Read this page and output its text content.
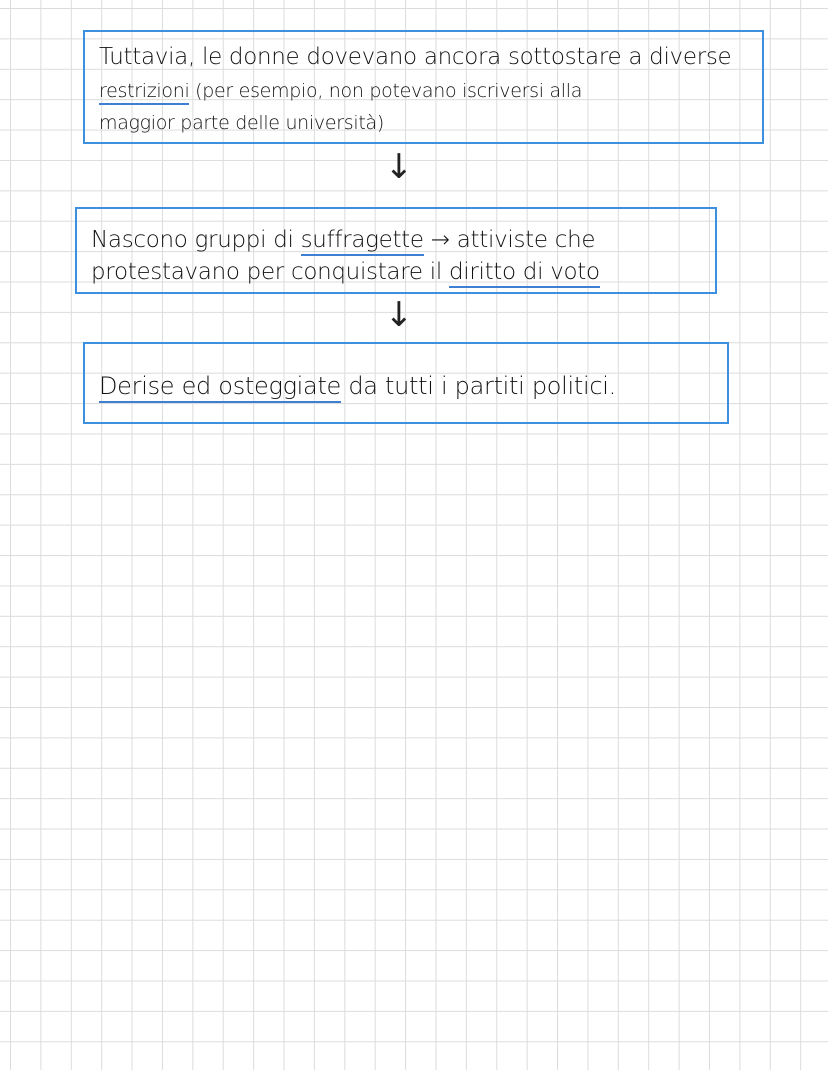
Tuttavia, le donne dovevano ancora sottostare a diverse
restrizioni (per esempio, non potevano iscriversi alla
maggior parte delle università)
↓
Nascono gruppi di suffragette → attiviste che
protestavano per conquistare il diritto di voto
↓
Derise ed osteggiate da tutti i partiti politici.
